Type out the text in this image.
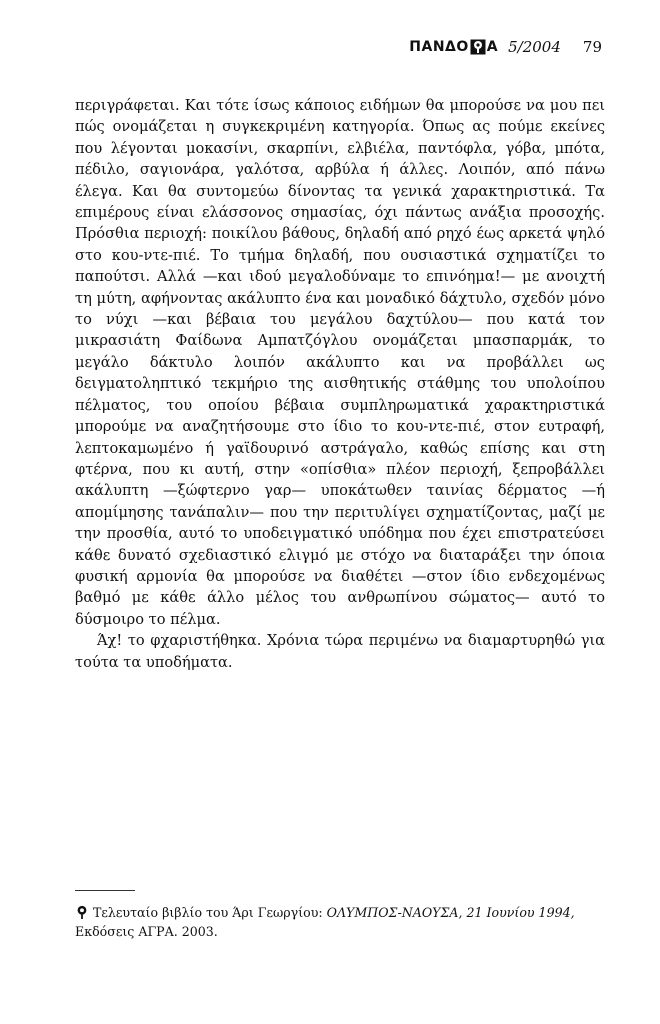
ΠΑΝΔΟ Α 5/2004 79

περιγράφεται. Και τότε ίσως κάποιος ειδήμων θα μπορούσε να μου πει πώς ονομάζεται η συγκεκριμένη κατηγορία. Όπως ας πούμε εκείνες που λέγονται μοκασίνι, σκαρπίνι, ελβιέλα, παντόφλα, γόβα, μπότα, πέδιλο, σαγιονάρα, γαλότσα, αρβύλα ή άλλες. Λοιπόν, από πάνω έλεγα. Και θα συντομεύω δίνοντας τα γενικά χαρακτηριστικά. Τα επιμέρους είναι ελάσσονος σημασίας, όχι πάντως ανάξια προσοχής. Πρόσθια περιοχή: ποικίλου βάθους, δηλαδή από ρηχό έως αρκετά ψηλό στο κου-ντε-πιέ. Το τμήμα δηλαδή, που ουσιαστικά σχηματίζει το παπούτσι. Αλλά —και ιδού μεγαλοδύναμε το επινόημα!— με ανοιχτή τη μύτη, αφήνοντας ακάλυπτο ένα και μοναδικό δάχτυλο, σχεδόν μόνο το νύχι —και βέβαια του μεγάλου δαχτύλου— που κατά τον μικρασιάτη Φαίδωνα Αμπατζόγλου ονομάζεται μπασπαρμάκ, το μεγάλο δάκτυλο λοιπόν ακάλυπτο και να προβάλλει ως δειγματοληπτικό τεκμήριο της αισθητικής στάθμης του υπολοίπου πέλματος, του οποίου βέβαια συμπληρωματικά χαρακτηριστικά μπορούμε να αναζητήσουμε στο ίδιο το κου-ντε-πιέ, στον ευτραφή, λεπτοκαμωμένο ή γαϊδουρινό αστράγαλο, καθώς επίσης και στη φτέρνα, που κι αυτή, στην «οπίσθια» πλέον περιοχή, ξεπροβάλλει ακάλυπτη —ξώφτερνο γαρ— υποκάτωθεν ταινίας δέρματος —ή απομίμησης τανάπαλιν— που την περιτυλίγει σχηματίζοντας, μαζί με την προσθία, αυτό το υποδειγματικό υπόδημα που έχει επιστρατεύσει κάθε δυνατό σχεδιαστικό ελιγμό με στόχο να διαταράξει την όποια φυσική αρμονία θα μπορούσε να διαθέτει —στον ίδιο ενδεχομένως βαθμό με κάθε άλλο μέλος του ανθρωπίνου σώματος— αυτό το δύσμοιρο το πέλμα.

Άχ! το φχαριστήθηκα. Χρόνια τώρα περιμένω να διαμαρτυρηθώ για τούτα τα υποδήματα.

Τελευταίο βιβλίο του Άρι Γεωργίου: ΟΛΥΜΠΟΣ-ΝΑΟΥΣΑ, 21 Ιουνίου 1994, Εκδόσεις ΑΓΡΑ. 2003.
